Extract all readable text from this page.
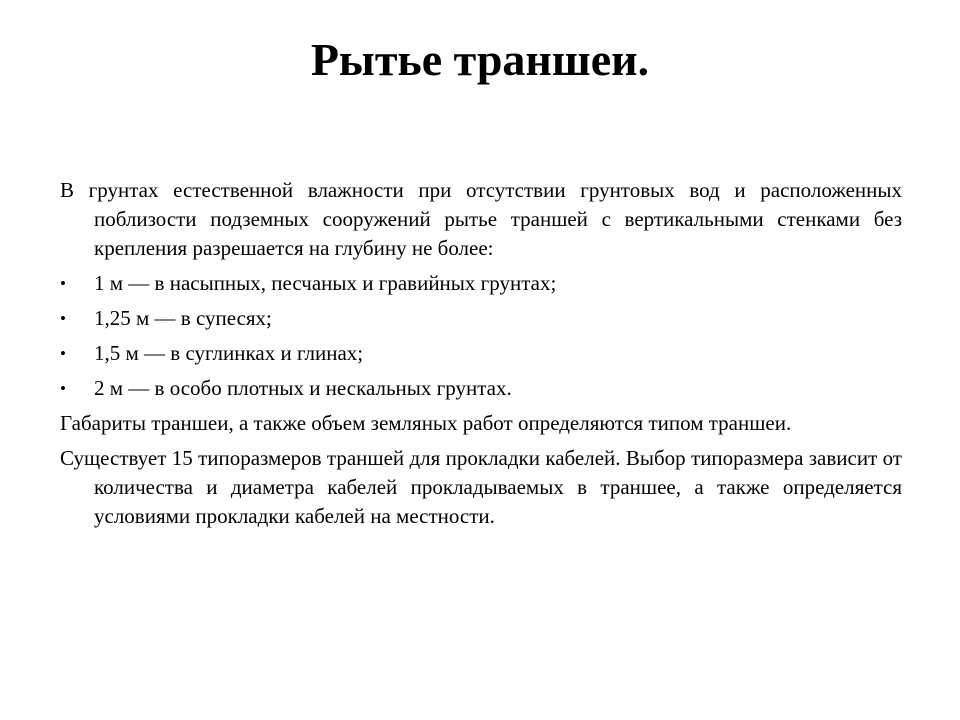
Рытье траншеи.

В грунтах естественной влажности при отсутствии грунтовых вод и расположенных поблизости подземных сооружений рытье траншей с вертикальными стенками без крепления разрешается на глубину не более:

•	1 м — в насыпных, песчаных и гравийных грунтах;
•	1,25 м — в супесях;
•	1,5 м — в суглинках и глинах;
•	2 м — в особо плотных и нескальных грунтах.

Габариты траншеи, а также объем земляных работ определяются типом траншеи.

Существует 15 типоразмеров траншей для прокладки кабелей. Выбор типоразмера зависит от количества и диаметра кабелей прокладываемых в траншее, а также определяется условиями прокладки кабелей на местности.
